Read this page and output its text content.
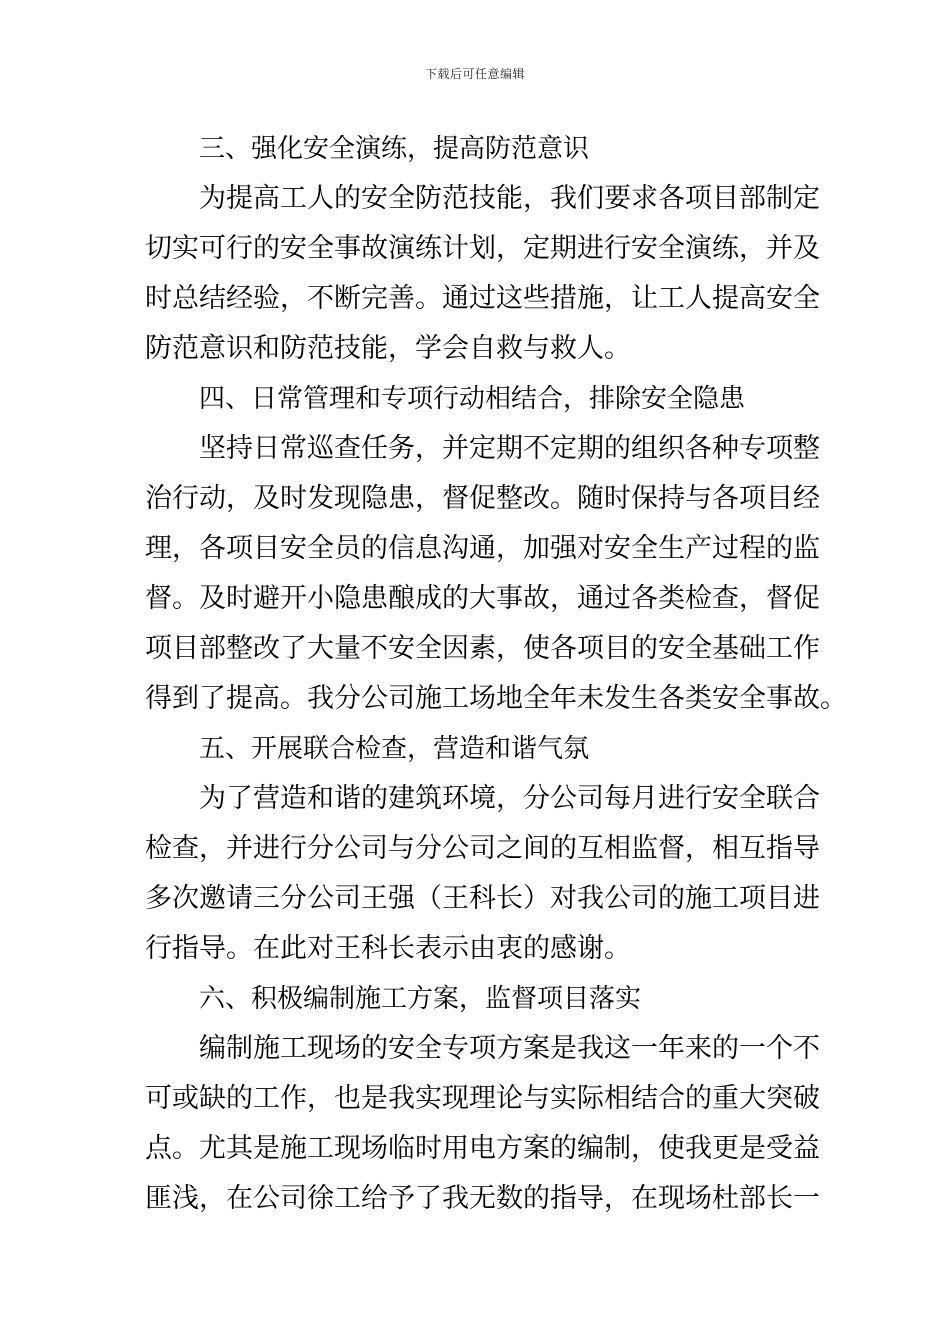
下载后可任意编辑
三、强化安全演练，提高防范意识
为提高工人的安全防范技能，我们要求各项目部制定
切实可行的安全事故演练计划，定期进行安全演练，并及
时总结经验，不断完善。通过这些措施，让工人提高安全
防范意识和防范技能，学会自救与救人。
四、日常管理和专项行动相结合，排除安全隐患
坚持日常巡查任务，并定期不定期的组织各种专项整
治行动，及时发现隐患，督促整改。随时保持与各项目经
理，各项目安全员的信息沟通，加强对安全生产过程的监
督。及时避开小隐患酿成的大事故，通过各类检查，督促
项目部整改了大量不安全因素，使各项目的安全基础工作
得到了提高。我分公司施工场地全年未发生各类安全事故。
五、开展联合检查，营造和谐气氛
为了营造和谐的建筑环境，分公司每月进行安全联合
检查，并进行分公司与分公司之间的互相监督，相互指导
多次邀请三分公司王强（王科长）对我公司的施工项目进
行指导。在此对王科长表示由衷的感谢。
六、积极编制施工方案，监督项目落实
编制施工现场的安全专项方案是我这一年来的一个不
可或缺的工作，也是我实现理论与实际相结合的重大突破
点。尤其是施工现场临时用电方案的编制，使我更是受益
匪浅，在公司徐工给予了我无数的指导，在现场杜部长一
